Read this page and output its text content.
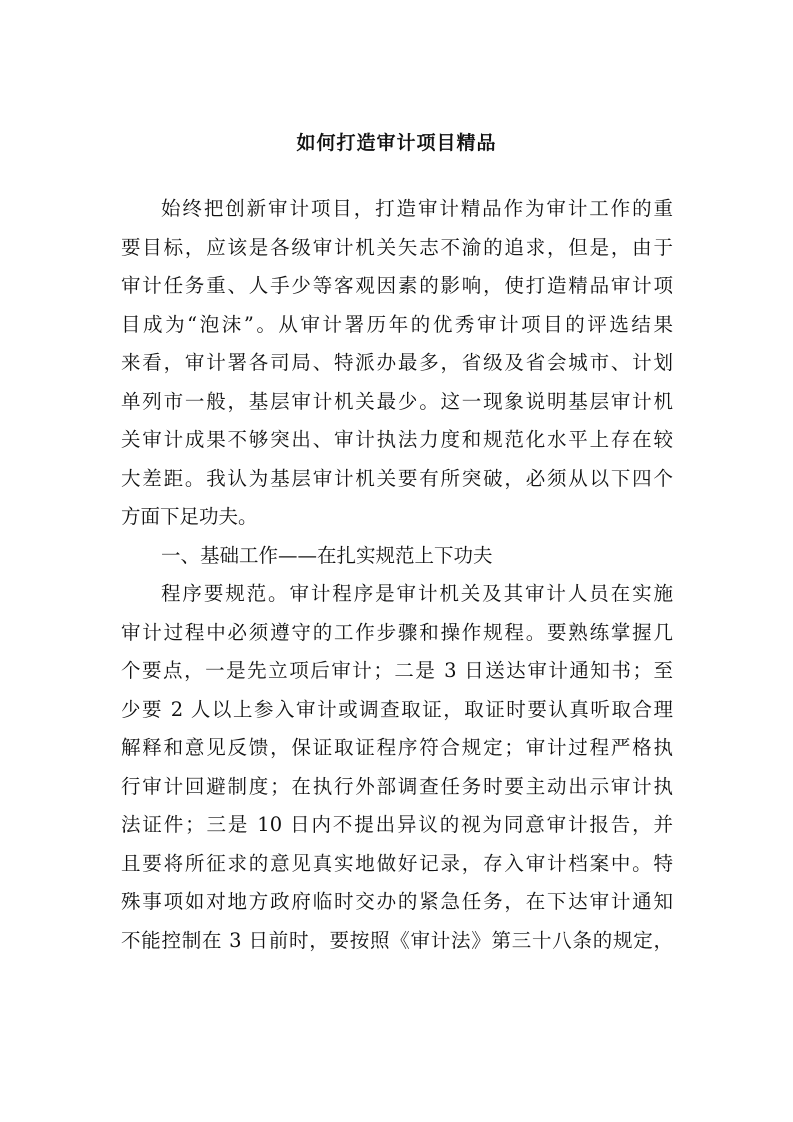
如何打造审计项目精品
始终把创新审计项目，打造审计精品作为审计工作的重
要目标，应该是各级审计机关矢志不渝的追求，但是，由于
审计任务重、人手少等客观因素的影响，使打造精品审计项
目成为“泡沫”。从审计署历年的优秀审计项目的评选结果
来看，审计署各司局、特派办最多，省级及省会城市、计划
单列市一般，基层审计机关最少。这一现象说明基层审计机
关审计成果不够突出、审计执法力度和规范化水平上存在较
大差距。我认为基层审计机关要有所突破，必须从以下四个
方面下足功夫。
一、基础工作——在扎实规范上下功夫
程序要规范。审计程序是审计机关及其审计人员在实施
审计过程中必须遵守的工作步骤和操作规程。要熟练掌握几
个要点，一是先立项后审计；二是 3 日送达审计通知书；至
少要 2 人以上参入审计或调查取证，取证时要认真听取合理
解释和意见反馈，保证取证程序符合规定；审计过程严格执
行审计回避制度；在执行外部调查任务时要主动出示审计执
法证件；三是 10 日内不提出异议的视为同意审计报告，并
且要将所征求的意见真实地做好记录，存入审计档案中。特
殊事项如对地方政府临时交办的紧急任务，在下达审计通知
不能控制在 3 日前时，要按照《审计法》第三十八条的规定，
